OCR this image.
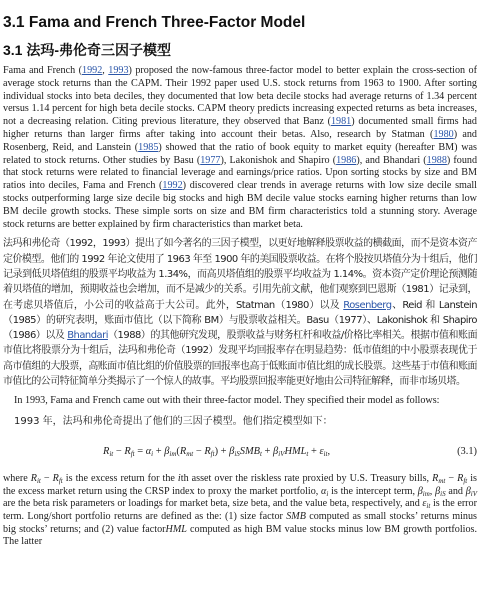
3.1 Fama and French Three-Factor Model
3.1 法玛-弗伦奇三因子模型

Fama and French (1992, 1993) proposed the now-famous three-factor model to better explain the cross-section of average stock returns than the CAPM. Their 1992 paper used U.S. stock returns from 1963 to 1900. After sorting individual stocks into beta deciles, they documented that low beta decile stocks had average returns of 1.34 percent versus 1.14 percent for high beta decile stocks. CAPM theory predicts increasing expected returns as beta increases, not a decreasing relation. Citing previous literature, they observed that Banz (1981) documented small firms had higher returns than larger firms after taking into account their betas. Also, research by Statman (1980) and Rosenberg, Reid, and Lanstein (1985) showed that the ratio of book equity to market equity (hereafter BM) was related to stock returns. Other studies by Basu (1977), Lakonishok and Shapiro (1986), and Bhandari (1988) found that stock returns were related to financial leverage and earnings/price ratios. Upon sorting stocks by size and BM ratios into deciles, Fama and French (1992) discovered clear trends in average returns with low size decile small stocks outperforming large size decile big stocks and high BM decile value stocks earning higher returns than low BM decile growth stocks. These simple sorts on size and BM firm characteristics told a stunning story. Average stock returns are better explained by firm characteristics than market beta.

法玛和弗伦奇（1992，1993）提出了如今著名的三因子模型，以更好地解释股票收益的横截面，而不是资本资产定价模型。他们的 1992 年论文使用了 1963 年至 1900 年的美国股票收益。在将个股按贝塔值分为十组后，他们记录到低贝塔值组的股票平均收益为 1.34%，而高贝塔值组的股票平均收益为 1.14%。资本资产定价理论预测随着贝塔值的增加，预期收益也会增加，而不是减少的关系。引用先前文献，他们观察到巴恩斯（1981）记录到，在考虑贝塔值后，小公司的收益高于大公司。此外，Statman（1980）以及 Rosenberg、Reid 和 Lanstein（1985）的研究表明，账面市值比（以下简称 BM）与股票收益相关。Basu（1977）、Lakonishok 和 Shapiro（1986）以及 Bhandari（1988）的其他研究发现，股票收益与财务杠杆和收益/价格比率相关。根据市值和账面市值比将股票分为十组后，法玛和弗伦奇（1992）发现平均回报率存在明显趋势：低市值组的中小股票表现优于高市值组的大股票，高账面市值比组的价值股票的回报率也高于低账面市值比组的成长股票。这些基于市值和账面市值比的公司特征简单分类揭示了一个惊人的故事。平均股票回报率能更好地由公司特征解释，而非市场贝塔。

In 1993, Fama and French came out with their three-factor model. They specified their model as follows:

1993 年，法玛和弗伦奇提出了他们的三因子模型。他们指定模型如下：

$R_{it} - R_{ft} = \alpha_i + \beta_{im}(R_{mt} - R_{ft}) + \beta_{iS}SMB_t + \beta_{iV}HML_t + \varepsilon_{it}$,	(3.1)

where $R_{it} - R_{ft}$ is the excess return for the ith asset over the riskless rate proxied by U.S. Treasury bills, $R_{mt} - R_{ft}$ is the excess market return using the CRSP index to proxy the market portfolio, $\alpha_i$ is the intercept term, $\beta_{im}$, $\beta_{iS}$ and $\beta_{iV}$ are the beta risk parameters or loadings for market beta, size beta, and the value beta, respectively, and $\varepsilon_{it}$ is the error term. Long/short portfolio returns are defined as the: (1) size factor SMB computed as small stocks’ returns minus big stocks’ returns; and (2) value factorHML computed as high BM value stocks minus low BM growth portfolios. The latter
